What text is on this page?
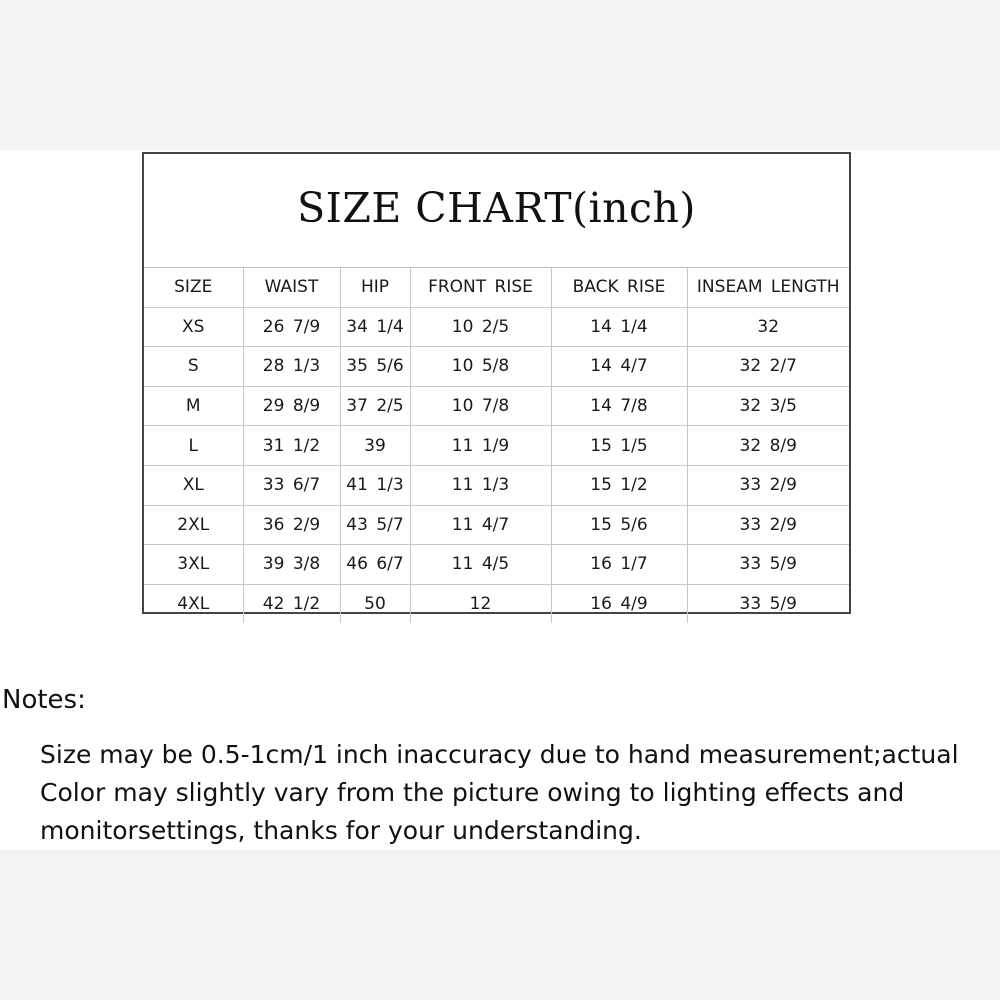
SIZE CHART(inch)
SIZE	WAIST	HIP	FRONT RISE	BACK RISE	INSEAM LENGTH
XS	26 7/9	34 1/4	10 2/5	14 1/4	32
S	28 1/3	35 5/6	10 5/8	14 4/7	32 2/7
M	29 8/9	37 2/5	10 7/8	14 7/8	32 3/5
L	31 1/2	39	11 1/9	15 1/5	32 8/9
XL	33 6/7	41 1/3	11 1/3	15 1/2	33 2/9
2XL	36 2/9	43 5/7	11 4/7	15 5/6	33 2/9
3XL	39 3/8	46 6/7	11 4/5	16 1/7	33 5/9
4XL	42 1/2	50	12	16 4/9	33 5/9
Notes:
Size may be 0.5-1cm/1 inch inaccuracy due to hand measurement;actual
Color may slightly vary from the picture owing to lighting effects and
monitorsettings, thanks for your understanding.
